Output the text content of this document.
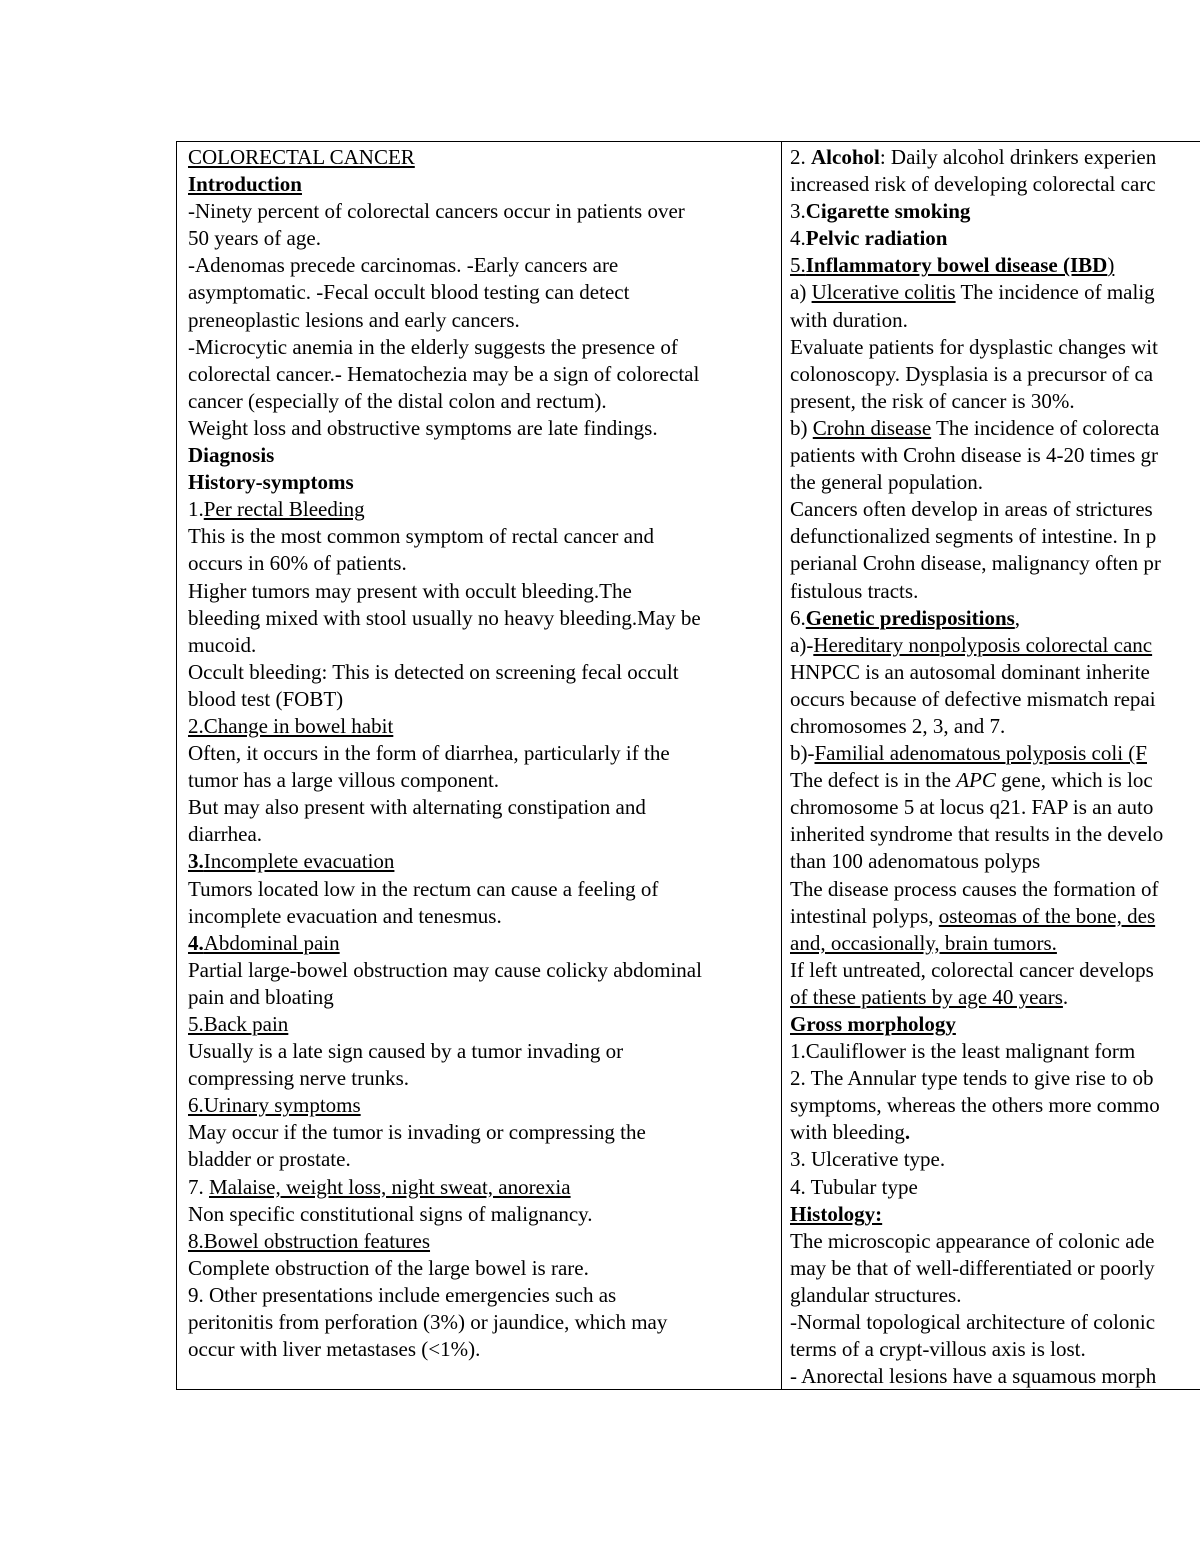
COLORECTAL CANCER
Introduction
-Ninety percent of colorectal cancers occur in patients over
50 years of age.
-Adenomas precede carcinomas. -Early cancers are
asymptomatic. -Fecal occult blood testing can detect
preneoplastic lesions and early cancers.
-Microcytic anemia in the elderly suggests the presence of
colorectal cancer.- Hematochezia may be a sign of colorectal
cancer (especially of the distal colon and rectum).
Weight loss and obstructive symptoms are late findings.
Diagnosis
History-symptoms
1.Per rectal Bleeding
This is the most common symptom of rectal cancer and
occurs in 60% of patients.
Higher tumors may present with occult bleeding.The
bleeding mixed with stool usually no heavy bleeding.May be
mucoid.
Occult bleeding: This is detected on screening fecal occult
blood test (FOBT)
2.Change in bowel habit
Often, it occurs in the form of diarrhea, particularly if the
tumor has a large villous component.
But may also present with alternating constipation and
diarrhea.
3.Incomplete evacuation
Tumors located low in the rectum can cause a feeling of
incomplete evacuation and tenesmus.
4.Abdominal pain
Partial large-bowel obstruction may cause colicky abdominal
pain and bloating
5.Back pain
Usually is a late sign caused by a tumor invading or
compressing nerve trunks.
6.Urinary symptoms
May occur if the tumor is invading or compressing the
bladder or prostate.
7. Malaise, weight loss, night sweat, anorexia
Non specific constitutional signs of malignancy.
8.Bowel obstruction features
Complete obstruction of the large bowel is rare.
9. Other presentations include emergencies such as
peritonitis from perforation (3%) or jaundice, which may
occur with liver metastases (<1%).
2. Alcohol: Daily alcohol drinkers experien
increased risk of developing colorectal carc
3.Cigarette smoking
4.Pelvic radiation
5.Inflammatory bowel disease (IBD)
a) Ulcerative colitis The incidence of malig
with duration.
Evaluate patients for dysplastic changes wit
colonoscopy. Dysplasia is a precursor of ca
present, the risk of cancer is 30%.
b) Crohn disease The incidence of colorecta
patients with Crohn disease is 4-20 times gr
the general population.
Cancers often develop in areas of strictures
defunctionalized segments of intestine. In p
perianal Crohn disease, malignancy often pr
fistulous tracts.
6.Genetic predispositions,
a)-Hereditary nonpolyposis colorectal canc
HNPCC is an autosomal dominant inherite
occurs because of defective mismatch repai
chromosomes 2, 3, and 7.
b)-Familial adenomatous polyposis coli (F
The defect is in the APC gene, which is loc
chromosome 5 at locus q21. FAP is an auto
inherited syndrome that results in the develo
than 100 adenomatous polyps
The disease process causes the formation of
intestinal polyps, osteomas of the bone, des
and, occasionally, brain tumors.
If left untreated, colorectal cancer develops
of these patients by age 40 years.
Gross morphology
1.Cauliflower is the least malignant form
2. The Annular type tends to give rise to ob
symptoms, whereas the others more commo
with bleeding.
3. Ulcerative type.
4. Tubular type
Histology:
The microscopic appearance of colonic ade
may be that of well-differentiated or poorly
glandular structures.
-Normal topological architecture of colonic
terms of a crypt-villous axis is lost.
- Anorectal lesions have a squamous morph
